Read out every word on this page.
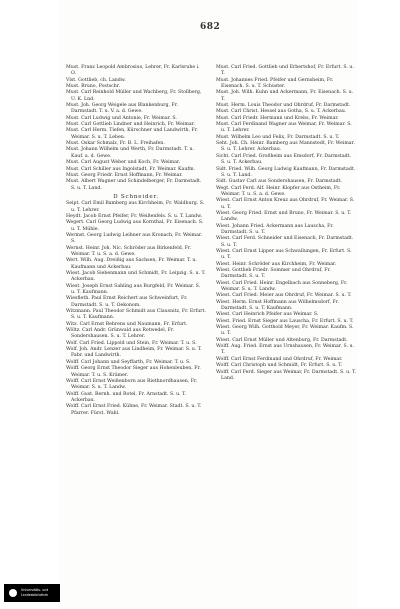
682

Must. Franz Leopold Ambrosius, Lehrer, Fr. Karlsruhe i. O.

Vlst. Gottlieb, ch. Landw.

Must. Bruno, Postschr.

Must. Carl Reinhold Müller und Wachberg, Fr. Stollberg, U. K. Lnd.

Must. Joh. Georg Weigele aus Blankenburg, Fr. Darmstadt. T. u. V. a. d. Gewe.

Must. Carl Ludwig und Antonie, Fr. Weimar. S.

Must. Carl Gottlieb Lindner und Heinrich, Fr. Weimar.

Must. Carl Herm. Tiefen, Kürschner und Landwirth, Fr. Weimar. S. u. T. Leben.

Must. Oskar Schmalz, Fr. B. L. Freihafen.

Must. Johann Wilhelm und Werth, Fr. Darmstadt. T. u. Kauf. a. d. Gewe.

Must. Carl August Weber und Koch, Fr. Weimar.

Must. Carl Schiller aus Ingolstadt, Fr. Weimar. Kaufm.

Must. Georg Friedr. Ernst Hoffmann, Fr. Weimar.

Must. Albert Wagner und Schindelberger, Fr. Darmstadt. S. u. T. Land.

D Schneider.

Seipt. Carl Emil Bamberg aus Kirchheim, Fr. Waldburg. S. u. T. Lehrer.

Heydt. Jacob Ernst Pfeifer, Fr. Weißenfels. S. u. T. Landw.

Wegert. Carl Georg Ludwig aus Kornthal, Fr. Eisenach. S. u. T. Mühle.

Wermst. Georg Ludwig Leihner aus Kronach, Fr. Weimar. S.

Wernst. Heinr. Joh. Nic. Schröder aus Birkenfeld, Fr. Weimar. T. u. S. a. d. Gewe.

Wert. Wilh. Aug. Dreißig aus Sachsen, Fr. Weimar. T. u. Kaufmann und Ackerbau.

Wiest. Jacob Siebenmann und Schmidt, Fr. Leipzig. S. u. T. Ackerbau.

Wiest. Joseph Ernst Sahling aus Burgfeld, Fr. Weimar. S. u. T. Kaufmann.

Wiesfleth. Paul Ernst Reichert aus Schweinfurt, Fr. Darmstadt. S. u. T. Oekonom.

Witzmann. Paul Theodor Schmidt aus Clausnitz, Fr. Erfurt. S. u. T. Kaufmann.

Witz. Carl Ernst Behrens und Naumann, Fr. Erfurt.

Wöltz. Carl Andr. Grünwald aus Rotwedel, Fr. Sondershausen. S. u. T. Lehrer.

Wolf. Carl Fried. Lippold und Stein, Fr. Weimar. T. u. S.

Wolf. Joh. Andr. Lenzer aus Lindheim, Fr. Weimar. S. u. T. Fabr. und Landwirth.

Wolff. Carl Johann und Seyffarth, Fr. Weimar. T. u. S.

Wolff. Georg Ernst Theodor Sieger aus Hohenleuben, Fr. Weimar. T. u. S. Krämer.

Wolff. Carl Ernst Weißenborn aus Riethnordhausen, Fr. Weimar. S. u. T. Landw.

Wolff. Gust. Bernh. und Rotel, Fr. Arnstadt. S. u. T. Ackerbau.

Wolff. Carl Ernst Fried. Kühne, Fr. Weimar. Stadt. S. u. T. Pfarrer. Fürst. Wahl.

Must. Carl Fried. Gottlieb und Erbertshof, Fr. Erfurt. S. u. T.

Must. Johannes Fried. Pfeifer und Gernsheim, Fr. Eisenach. S. u. T. Schuster.

Must. Joh. Wilh. Kuhn und Ackermann, Fr. Eisenach. S. u. T.

Must. Herm. Louis Theodor und Ohrdruf, Fr. Darmstadt.

Must. Carl Christ. Hessel aus Gotha, S. u. T. Ackerbau.

Must. Carl Friedr. Hermann und Krebs, Fr. Weimar.

Must. Carl Ferdinand Wagner aus Weimar, Fr. Weimar. S. u. T. Lehrer.

Must. Wilhelm Leo und Felix, Fr. Darmstadt. S. u. T.

Seht. Joh. Ch. Heinr. Bamberg aus Mannstedt, Fr. Weimar. S. u. T. Lehrer. Ackerbau.

Sicht. Carl Fried. Großheim aus Emsdorf, Fr. Darmstadt. S. u. T. Ackerbau.

Sidt. Fried. Wilh. Georg Ludwig Kaufmann, Fr. Darmstadt. S. u. T. Land.

Sidt. Gustav Carl aus Sondershausen, Fr. Darmstadt.

Wegt. Carl Ferd. Alf. Heinr. Klopfer aus Ostheim, Fr. Weimar. T. u. S. a. d. Gewe.

Wiest. Carl Ernst Anton Kreuz aus Ohrdruf, Fr. Weimar. S. u. T.

Wiest. Georg Fried. Ernst und Bruno, Fr. Weimar. S. u. T. Landw.

Wiest. Johann Fried. Ackermann aus Lauscha, Fr. Darmstadt. S. u. T.

Wiest. Carl Ferd. Schneider und Eisenach, Fr. Darmstadt. S. u. T.

Wiest. Carl Ernst Lipper aus Schwallungen, Fr. Erfurt. S. u. T.

Wiest. Heinr. Schröder aus Kirchheim, Fr. Weimar.

Wiest. Gottlieb Friedr. Sommer und Ohrdruf, Fr. Darmstadt. S. u. T.

Wiest. Carl Fried. Heinr. Engelbach aus Sonneberg, Fr. Weimar. S. u. T. Landw.

Wiest. Carl Fried. Meier aus Ohrdruf, Fr. Weimar. S. u. T.

Wiest. Herm. Ernst Hoffmann aus Wilhelmsdorf, Fr. Darmstadt. S. u. T. Kaufmann.

Wiest. Carl Heinrich Pfeifer aus Weimar. S.

Wiest. Fried. Ernst Sieger aus Lauscha, Fr. Erfurt. S. u. T.

Wiest. Georg Wilh. Gotthold Meyer, Fr. Weimar. Kaufm. S. u. T.

Wiest. Carl Ernst Müller und Altenburg, Fr. Darmstadt.

Wolff. Aug. Fried. Ernst aus Urnshausen, Fr. Weimar. S. u. T.

Wolff. Carl Ernst Ferdinand und Ohrdruf, Fr. Weimar.

Wolff. Carl Christoph und Schmidt, Fr. Erfurt. S. u. T.

Wolff. Carl Ferd. Sieger aus Weimar, Fr. Darmstadt. S. u. T. Land.

Universitäts- und
Landesbibliothek
